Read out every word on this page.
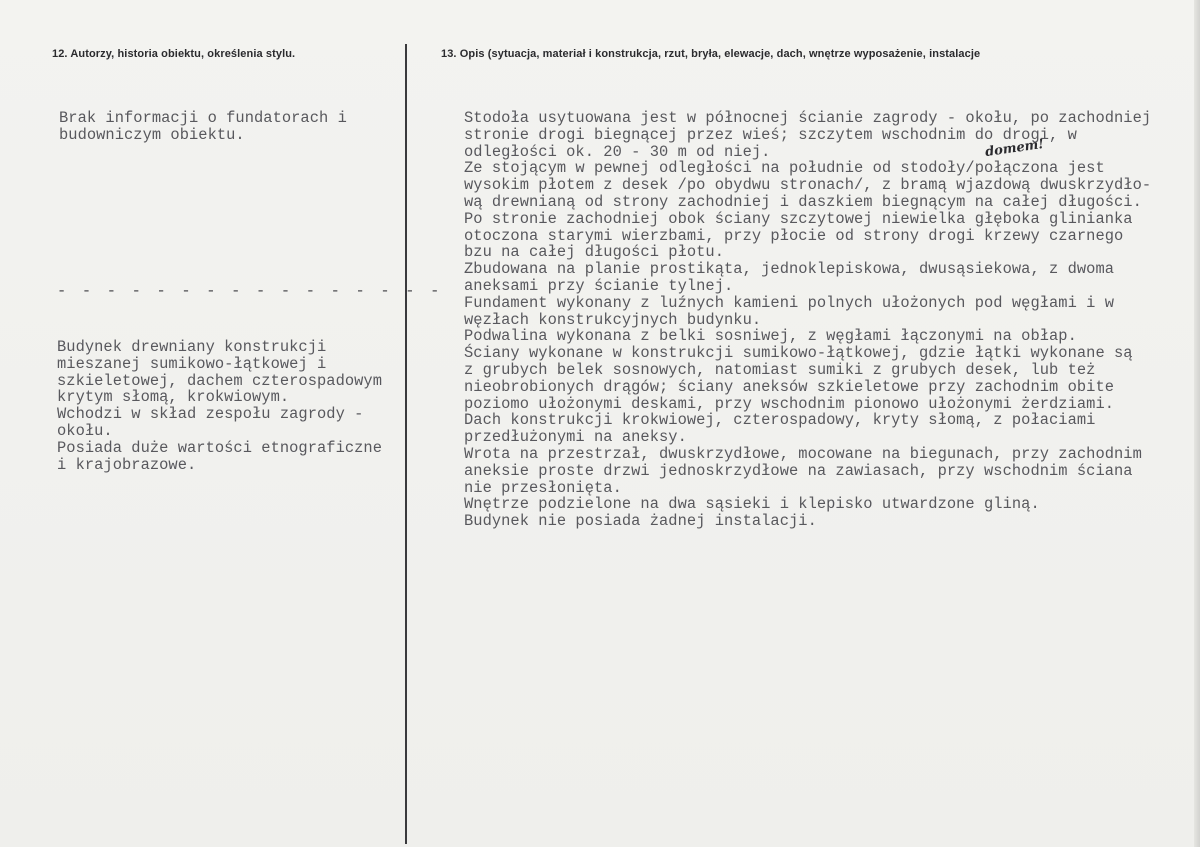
12. Autorzy, historia obiektu, określenia stylu.	13. Opis (sytuacja, materiał i konstrukcja, rzut, bryła, elewacje, dach, wnętrze wyposażenie, instalacje
Brak informacji o fundatorach i
budowniczym obiektu.
- - - - - - - - - - - - - - - -
Budynek drewniany konstrukcji
mieszanej sumikowo-łątkowej i
szkieletowej, dachem czterospadowym
krytym słomą, krokwiowym.
Wchodzi w skład zespołu zagrody -
okołu.
Posiada duże wartości etnograficzne
i krajobrazowe.
domem!
Stodoła usytuowana jest w północnej ścianie zagrody - okołu, po zachodniej
stronie drogi biegnącej przez wieś; szczytem wschodnim do drogi, w
odległości ok. 20 - 30 m od niej.
Ze stojącym w pewnej odległości na południe od stodoły/połączona jest
wysokim płotem z desek /po obydwu stronach/, z bramą wjazdową dwuskrzydło-
wą drewnianą od strony zachodniej i daszkiem biegnącym na całej długości.
Po stronie zachodniej obok ściany szczytowej niewielka głęboka glinianka
otoczona starymi wierzbami, przy płocie od strony drogi krzewy czarnego
bzu na całej długości płotu.
Zbudowana na planie prostikąta, jednoklepiskowa, dwusąsiekowa, z dwoma
aneksami przy ścianie tylnej.
Fundament wykonany z luźnych kamieni polnych ułożonych pod węgłami i w
węzłach konstrukcyjnych budynku.
Podwalina wykonana z belki sosniwej, z węgłami łączonymi na obłap.
Ściany wykonane w konstrukcji sumikowo-łątkowej, gdzie łątki wykonane są
z grubych belek sosnowych, natomiast sumiki z grubych desek, lub też
nieobrobionych drągów; ściany aneksów szkieletowe przy zachodnim obite
poziomo ułożonymi deskami, przy wschodnim pionowo ułożonymi żerdziami.
Dach konstrukcji krokwiowej, czterospadowy, kryty słomą, z połaciami
przedłużonymi na aneksy.
Wrota na przestrzał, dwuskrzydłowe, mocowane na biegunach, przy zachodnim
aneksie proste drzwi jednoskrzydłowe na zawiasach, przy wschodnim ściana
nie przesłonięta.
Wnętrze podzielone na dwa sąsieki i klepisko utwardzone gliną.
Budynek nie posiada żadnej instalacji.
